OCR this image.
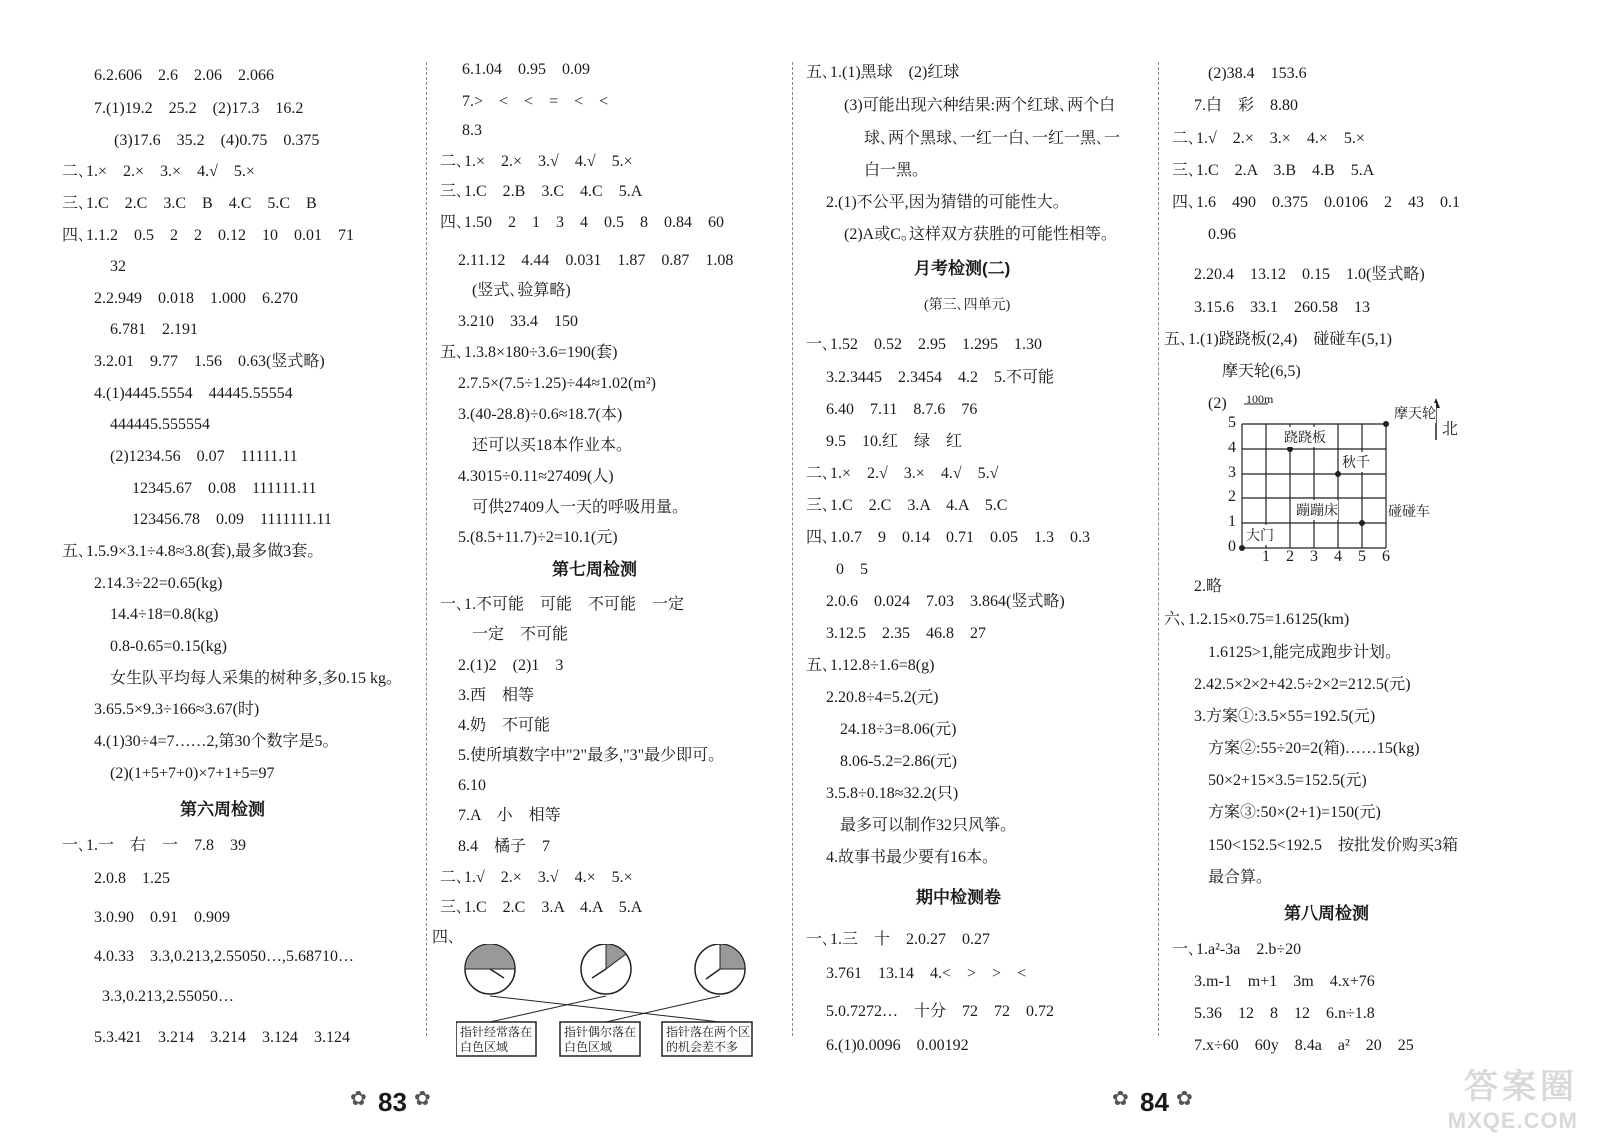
6.2.606　2.6　2.06　2.066
7.(1)19.2　25.2　(2)17.3　16.2
(3)17.6　35.2　(4)0.75　0.375
二､1.×　2.×　3.×　4.√　5.×
三､1.C　2.C　3.C　B　4.C　5.C　B
四､1.1.2　0.5　2　2　0.12　10　0.01　71
32
2.2.949　0.018　1.000　6.270
6.781　2.191
3.2.01　9.77　1.56　0.63(竖式略)
4.(1)4445.5554　44445.55554
444445.555554
(2)1234.56　0.07　11111.11
12345.67　0.08　111111.11
123456.78　0.09　1111111.11
五､1.5.9×3.1÷4.8≈3.8(套),最多做3套｡
2.14.3÷22=0.65(kg)
14.4÷18=0.8(kg)
0.8-0.65=0.15(kg)
女生队平均每人采集的树种多,多0.15 kg｡
3.65.5×9.3÷166≈3.67(时)
4.(1)30÷4=7……2,第30个数字是5｡
(2)(1+5+7+0)×7+1+5=97
第六周检测
一､1.一　右　一　7.8　39
2.0.8　1.25
3.0.90　0.91　0.909
4.0.33　3.3,0.213,2.55050…,5.68710…
3.3,0.213,2.55050…
5.3.421　3.214　3.214　3.124　3.124
6.1.04　0.95　0.09
7.>　<　<　=　<　<
8.3
二､1.×　2.×　3.√　4.√　5.×
三､1.C　2.B　3.C　4.C　5.A
四､1.50　2　1　3　4　0.5　8　0.84　60
2.11.12　4.44　0.031　1.87　0.87　1.08
(竖式､验算略)
3.210　33.4　150
五､1.3.8×180÷3.6=190(套)
2.7.5×(7.5÷1.25)÷44≈1.02(m²)
3.(40-28.8)÷0.6≈18.7(本)
还可以买18本作业本｡
4.3015÷0.11≈27409(人)
可供27409人一天的呼吸用量｡
5.(8.5+11.7)÷2=10.1(元)
第七周检测
一､1.不可能　可能　不可能　一定
一定　不可能
2.(1)2　(2)1　3
3.西　相等
4.奶　不可能
5.使所填数字中"2"最多,"3"最少即可｡
6.10
7.A　小　相等
8.4　橘子　7
二､1.√　2.×　3.√　4.×　5.×
三､1.C　2.C　3.A　4.A　5.A
四､
指针经常落在白色区域
指针偶尔落在白色区域
指针落在两个区的机会差不多
五､1.(1)黑球　(2)红球
(3)可能出现六种结果:两个红球､两个白
球､两个黑球､一红一白､一红一黑､一
白一黑｡
2.(1)不公平,因为猜错的可能性大｡
(2)A或C｡这样双方获胜的可能性相等｡
月考检测(二)
(第三､四单元)
一､1.52　0.52　2.95　1.295　1.30
3.2.3445　2.3454　4.2　5.不可能
6.40　7.11　8.7.6　76
9.5　10.红　绿　红
二､1.×　2.√　3.×　4.√　5.√
三､1.C　2.C　3.A　4.A　5.C
四､1.0.7　9　0.14　0.71　0.05　1.3　0.3
0　5
2.0.6　0.024　7.03　3.864(竖式略)
3.12.5　2.35　46.8　27
五､1.12.8÷1.6=8(g)
2.20.8÷4=5.2(元)
24.18÷3=8.06(元)
8.06-5.2=2.86(元)
3.5.8÷0.18≈32.2(只)
最多可以制作32只风筝｡
4.故事书最少要有16本｡
期中检测卷
一､1.三　十　2.0.27　0.27
3.761　13.14　4.<　>　>　<
5.0.7272…　十分　72　72　0.72
6.(1)0.0096　0.00192
(2)38.4　153.6
7.白　彩　8.80
二､1.√　2.×　3.×　4.×　5.×
三､1.C　2.A　3.B　4.B　5.A
四､1.6　490　0.375　0.0106　2　43　0.1
0.96
2.20.4　13.12　0.15　1.0(竖式略)
3.15.6　33.1　260.58　13
五､1.(1)跷跷板(2,4)　碰碰车(5,1)
摩天轮(6,5)
(2)
2.略
六､1.2.15×0.75=1.6125(km)
1.6125>1,能完成跑步计划｡
2.42.5×2×2+42.5÷2×2=212.5(元)
3.方案①:3.5×55=192.5(元)
方案②:55÷20=2(箱)……15(kg)
50×2+15×3.5=152.5(元)
方案③:50×(2+1)=150(元)
150<152.5<192.5　按批发价购买3箱
最合算｡
第八周检测
一､1.a²-3a　2.b÷20
3.m-1　m+1　3m　4.x+76
5.36　12　8　12　6.n÷1.8
7.x÷60　60y　8.4a　a²　20　25
100m
北
0
1
2
3
4
5
1 2 3 4 5 6
摩天轮
跷跷板
秋千
蹦蹦床	碰碰车
大门
✿ 83 ✿	✿ 84 ✿	答案圈
MXQE.COM
